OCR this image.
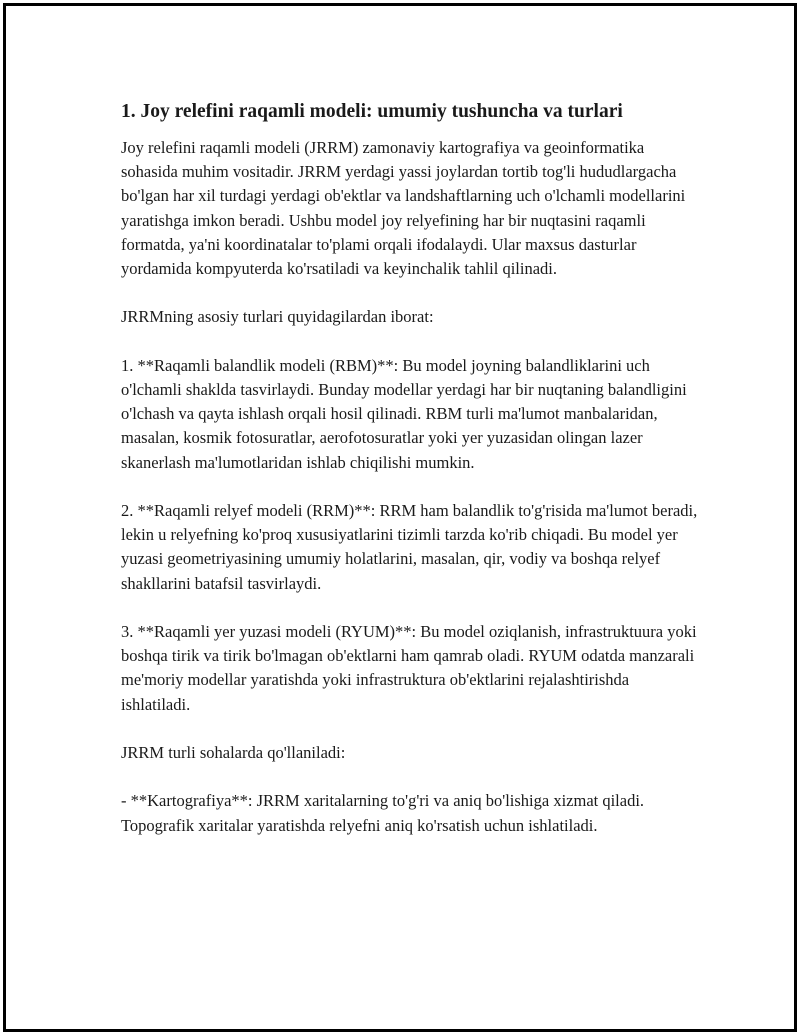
1. Joy relefini raqamli modeli: umumiy tushuncha va turlari

Joy relefini raqamli modeli (JRRM) zamonaviy kartografiya va geoinformatika sohasida muhim vositadir. JRRM yerdagi yassi joylardan tortib tog'li hududlargacha bo'lgan har xil turdagi yerdagi ob'ektlar va landshaftlarning uch o'lchamli modellarini yaratishga imkon beradi. Ushbu model joy relyefining har bir nuqtasini raqamli formatda, ya'ni koordinatalar to'plami orqali ifodalaydi. Ular maxsus dasturlar yordamida kompyuterda ko'rsatiladi va keyinchalik tahlil qilinadi.

JRRMning asosiy turlari quyidagilardan iborat:

1. **Raqamli balandlik modeli (RBM)**: Bu model joyning balandliklarini uch o'lchamli shaklda tasvirlaydi. Bunday modellar yerdagi har bir nuqtaning balandligini o'lchash va qayta ishlash orqali hosil qilinadi. RBM turli ma'lumot manbalaridan, masalan, kosmik fotosuratlar, aerofotosuratlar yoki yer yuzasidan olingan lazer skanerlash ma'lumotlaridan ishlab chiqilishi mumkin.

2. **Raqamli relyef modeli (RRM)**: RRM ham balandlik to'g'risida ma'lumot beradi, lekin u relyefning ko'proq xususiyatlarini tizimli tarzda ko'rib chiqadi. Bu model yer yuzasi geometriyasining umumiy holatlarini, masalan, qir, vodiy va boshqa relyef shakllarini batafsil tasvirlaydi.

3. **Raqamli yer yuzasi modeli (RYUM)**: Bu model oziqlanish, infrastruktuura yoki boshqa tirik va tirik bo'lmagan ob'ektlarni ham qamrab oladi. RYUM odatda manzarali me'moriy modellar yaratishda yoki infrastruktura ob'ektlarini rejalashtirishda ishlatiladi.

JRRM turli sohalarda qo'llaniladi:

- **Kartografiya**: JRRM xaritalarning to'g'ri va aniq bo'lishiga xizmat qiladi. Topografik xaritalar yaratishda relyefni aniq ko'rsatish uchun ishlatiladi.
